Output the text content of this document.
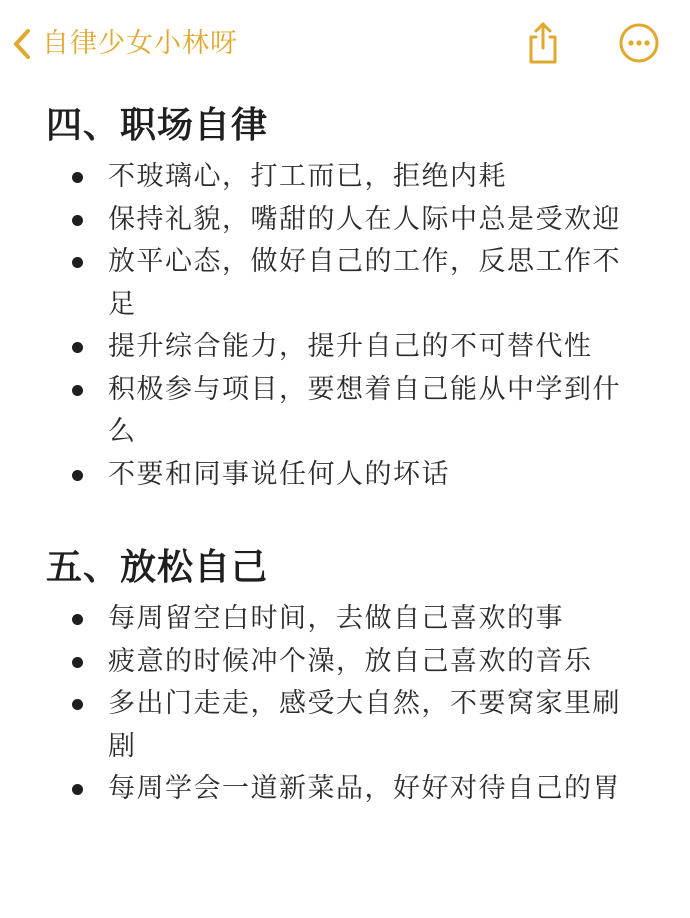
自律少女小林呀
四、职场自律
不玻璃心，打工而已，拒绝内耗
保持礼貌，嘴甜的人在人际中总是受欢迎
放平心态，做好自己的工作，反思工作不足
提升综合能力，提升自己的不可替代性
积极参与项目，要想着自己能从中学到什么
不要和同事说任何人的坏话
五、放松自己
每周留空白时间，去做自己喜欢的事
疲意的时候冲个澡，放自己喜欢的音乐
多出门走走，感受大自然，不要窝家里刷剧
每周学会一道新菜品，好好对待自己的胃
